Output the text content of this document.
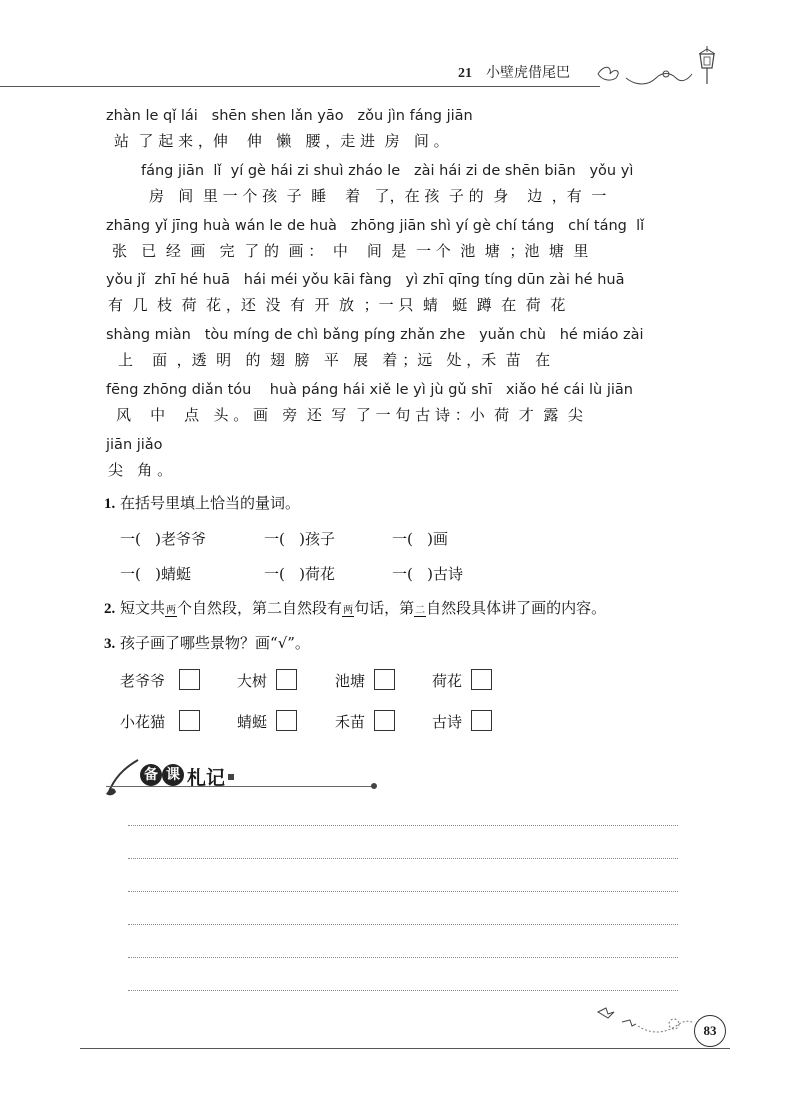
21 小壁虎借尾巴
zhàn le qǐ lái   shēn shen lǎn yāo   zǒu jìn fáng jiān
站  了 起 来 ，伸    伸   懒   腰 ，走 进  房   间 。
fáng jiān  lǐ  yí gè hái zi shuì zháo le   zài hái zi de shēn biān   yǒu yì
房   间  里 一 个 孩  子  睡    着   了，在 孩  子 的  身    边  ，有  一
zhāng yǐ jīng huà wán le de huà   zhōng jiān shì yí gè chí táng   chí táng  lǐ
张   已  经  画   完  了 的  画 ：  中    间  是  一 个  池  塘  ；池  塘  里
yǒu jǐ  zhī hé huā   hái méi yǒu kāi fàng   yì zhī qīng tíng dūn zài hé huā
有  几  枝  荷  花 ，还  没  有  开  放  ；一 只  蜻   蜓  蹲  在  荷  花
shàng miàn   tòu míng de chì bǎng píng zhǎn zhe   yuǎn chù   hé miáo zài
上    面  ，透  明   的  翅  膀   平   展   着 ；远   处 ，禾  苗   在
fēng zhōng diǎn tóu    huà páng hái xiě le yì jù gǔ shī   xiǎo hé cái lù jiān
风    中    点   头 。 画   旁  还  写  了 一 句 古 诗 ：小  荷  才  露  尖
jiān jiǎo
尖   角 。
1. 在括号里填上恰当的量词。
一(   )老爷爷	一(   )孩子	一(   )画
一(   )蜻蜓	一(   )荷花	一(   )古诗
2. 短文共两个自然段，第二自然段有两句话，第二自然段具体讲了画的内容。
3. 孩子画了哪些景物？画“√”。
老爷爷	大树	池塘	荷花
小花猫	蜻蜓	禾苗	古诗
备 课 札记
83
